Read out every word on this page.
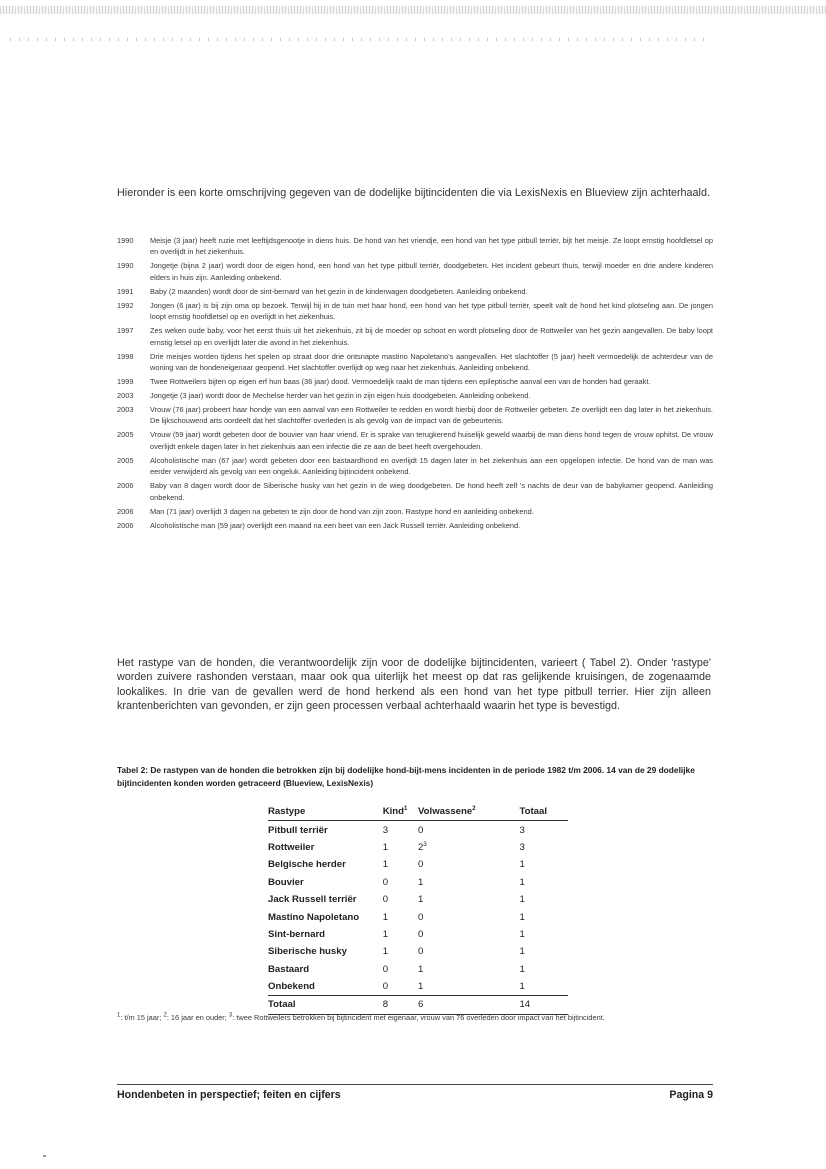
Hieronder is een korte omschrijving gegeven van de dodelijke bijtincidenten die via LexisNexis en Blueview zijn achterhaald.

1990	Meisje (3 jaar) heeft ruzie met leeftijdsgenootje in diens huis. De hond van het vriendje, een hond van het type pitbull terriër, bijt het meisje. Ze loopt ernstig hoofdletsel op en overlijdt in het ziekenhuis.
1990	Jongetje (bijna 2 jaar) wordt door de eigen hond, een hond van het type pitbull terriër, doodgebeten. Het incident gebeurt thuis, terwijl moeder en drie andere kinderen elders in huis zijn. Aanleiding onbekend.
1991	Baby (2 maanden) wordt door de sint-bernard van het gezin in de kinderwagen doodgebeten. Aanleiding onbekend.
1992	Jongen (6 jaar) is bij zijn oma op bezoek. Terwijl hij in de tuin met haar hond, een hond van het type pitbull terriër, speelt valt de hond het kind plotseling aan. De jongen loopt ernstig hoofdletsel op en overlijdt in het ziekenhuis.
1997	Zes weken oude baby, voor het eerst thuis uit het ziekenhuis, zit bij de moeder op schoot en wordt plotseling door de Rottweiler van het gezin aangevallen. De baby loopt ernstig letsel op en overlijdt later die avond in het ziekenhuis.
1998	Drie meisjes worden tijdens het spelen op straat door drie ontsnapte mastino Napoletano's aangevallen. Het slachtoffer (5 jaar) heeft vermoedelijk de achterdeur van de woning van de hondeneigenaar geopend. Het slachtoffer overlijdt op weg naar het ziekenhuis. Aanleiding onbekend.
1999	Twee Rottweilers bijten op eigen erf hun baas (36 jaar) dood. Vermoedelijk raakt de man tijdens een epileptische aanval een van de honden had geraakt.
2003	Jongetje (3 jaar) wordt door de Mechelse herder van het gezin in zijn eigen huis doodgebeten. Aanleiding onbekend.
2003	Vrouw (76 jaar) probeert haar hondje van een aanval van een Rottweiler te redden en wordt hierbij door de Rottweiler gebeten. Ze overlijdt een dag later in het ziekenhuis. De lijkschouwend arts oordeelt dat het slachtoffer overleden is als gevolg van de impact van de gebeurtenis.
2005	Vrouw (59 jaar) wordt gebeten door de bouvier van haar vriend. Er is sprake van terugkerend huiselijk geweld waarbij de man diens hond tegen de vrouw ophitst. De vrouw overlijdt enkele dagen later in het ziekenhuis aan een infectie die ze aan de beet heeft overgehouden.
2005	Alcoholistische man (67 jaar) wordt gebeten door een bastaardhond en overlijdt 15 dagen later in het ziekenhuis aan een opgelopen infectie. De hond van de man was eerder verwijderd als gevolg van een ongeluk. Aanleiding bijtincident onbekend.
2006	Baby van 8 dagen wordt door de Siberische husky van het gezin in de wieg doodgebeten. De hond heeft zelf 's nachts de deur van de babykamer geopend. Aanleiding onbekend.
2006	Man (71 jaar) overlijdt 3 dagen na gebeten te zijn door de hond van zijn zoon. Rastype hond en aanleiding onbekend.
2006	Alcoholistische man (59 jaar) overlijdt een maand na een beet van een Jack Russell terriër. Aanleiding onbekend.

Het rastype van de honden, die verantwoordelijk zijn voor de dodelijke bijtincidenten, varieert ( Tabel 2). Onder 'rastype' worden zuivere rashonden verstaan, maar ook qua uiterlijk het meest op dat ras gelijkende kruisingen, de zogenaamde lookalikes. In drie van de gevallen werd de hond herkend als een hond van het type pitbull terrier. Hier zijn alleen krantenberichten van gevonden, er zijn geen processen verbaal achterhaald waarin het type is bevestigd.

Tabel 2: De rastypen van de honden die betrokken zijn bij dodelijke hond-bijt-mens incidenten in de periode 1982 t/m 2006. 14 van de 29 dodelijke bijtincidenten konden worden getraceerd (Blueview, LexisNexis)

Rastype	Kind$^1$	Volwassene$^2$	Totaal
Pitbull terriër	3	0	3
Rottweiler	1	$2^3$	3
Belgische herder	1	0	1
Bouvier	0	1	1
Jack Russell terriër	0	1	1
Mastino Napoletano	1	0	1
Sint-bernard	1	0	1
Siberische husky	1	0	1
Bastaard	0	1	1
Onbekend	0	1	1
Totaal	8	6	14

$^1$: t/m 15 jaar; $^2$: 16 jaar en ouder; $^3$: twee Rottweilers betrokken bij bijtincident met eigenaar, vrouw van 76 overleden door impact van het bijtincident.

Hondenbeten in perspectief; feiten en cijfers	Pagina 9
